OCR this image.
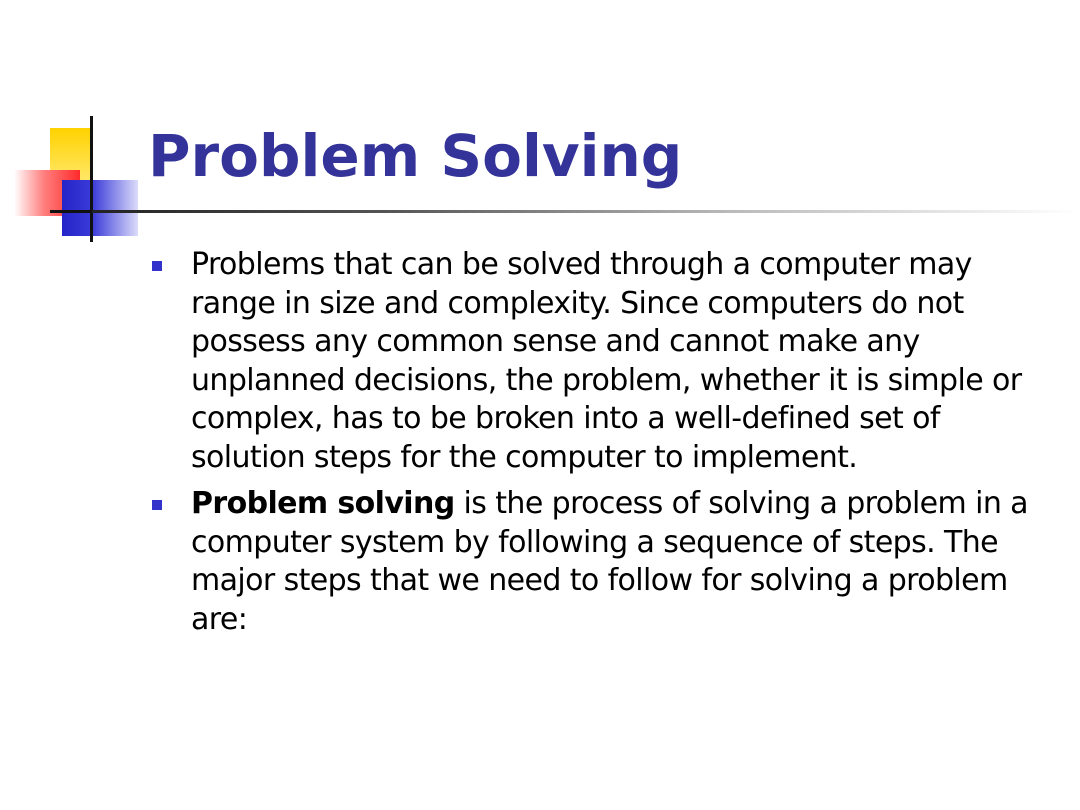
Problem Solving
Problems that can be solved through a computer may range in size and complexity. Since computers do not possess any common sense and cannot make any unplanned decisions, the problem, whether it is simple or complex, has to be broken into a well-defined set of solution steps for the computer to implement.
Problem solving is the process of solving a problem in a computer system by following a sequence of steps. The major steps that we need to follow for solving a problem are:
